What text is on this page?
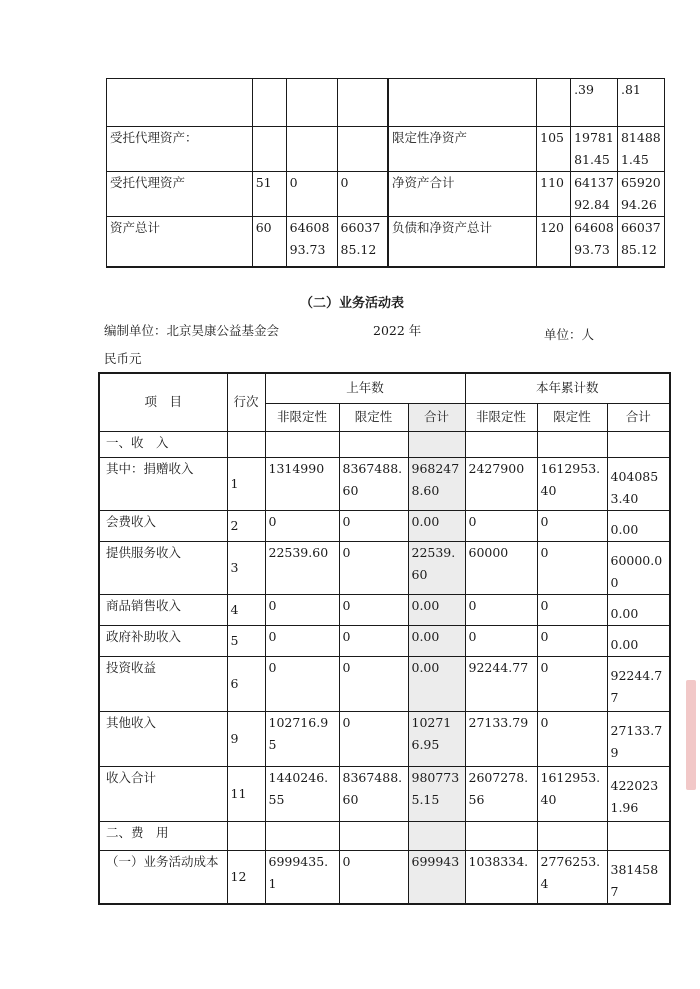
						.39	.81
受托代理资产：				限定性净资产	105	1978181.45	814881.45
受托代理资产	51	0	0	净资产合计	110	6413792.84	6592094.26
资产总计	60	6460893.73	6603785.12	负债和净资产总计	120	6460893.73	6603785.12
（二）业务活动表
编制单位：北京昊康公益基金会	2022 年	单位：人
民币元
项　目	行次	上年数			本年累计数		
		非限定性	限定性	合计	非限定性	限定性	合计
一、收　入							
其中：捐赠收入	1	1314990	8367488.60	9682478.60	2427900	1612953.40	4040853.40
会费收入	2	0	0	0.00	0	0	0.00
提供服务收入	3	22539.60	0	22539.60	60000	0	60000.00
商品销售收入	4	0	0	0.00	0	0	0.00
政府补助收入	5	0	0	0.00	0	0	0.00
投资收益	6	0	0	0.00	92244.77	0	92244.77
其他收入	9	102716.95	0	102716.95	27133.79	0	27133.79
收入合计	11	1440246.55	8367488.60	9807735.15	2607278.56	1612953.40	4220231.96
二、费　用							
（一）业务活动成本	12	6999435.1	0	699943	1038334.	2776253.4	3814587
